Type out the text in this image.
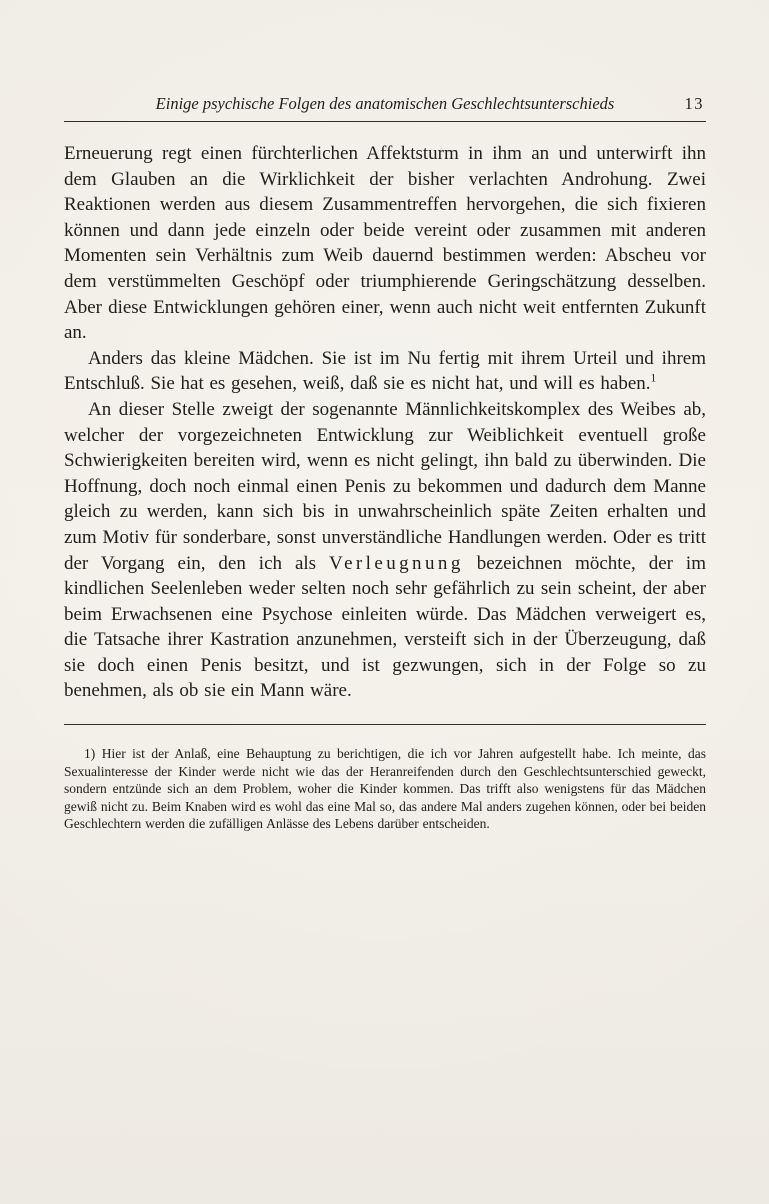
Einige psychische Folgen des anatomischen Geschlechtsunterschieds	13

Erneuerung regt einen fürchterlichen Affektsturm in ihm an und unterwirft ihn dem Glauben an die Wirklichkeit der bisher verlachten Androhung. Zwei Reaktionen werden aus diesem Zusammentreffen hervorgehen, die sich fixieren können und dann jede einzeln oder beide vereint oder zusammen mit anderen Momenten sein Verhältnis zum Weib dauernd bestimmen werden: Abscheu vor dem verstümmelten Geschöpf oder triumphierende Geringschätzung desselben. Aber diese Entwicklungen gehören einer, wenn auch nicht weit entfernten Zukunft an.

Anders das kleine Mädchen. Sie ist im Nu fertig mit ihrem Urteil und ihrem Entschluß. Sie hat es gesehen, weiß, daß sie es nicht hat, und will es haben.$^1$

An dieser Stelle zweigt der sogenannte Männlichkeitskomplex des Weibes ab, welcher der vorgezeichneten Entwicklung zur Weiblichkeit eventuell große Schwierigkeiten bereiten wird, wenn es nicht gelingt, ihn bald zu überwinden. Die Hoffnung, doch noch einmal einen Penis zu bekommen und dadurch dem Manne gleich zu werden, kann sich bis in unwahrscheinlich späte Zeiten erhalten und zum Motiv für sonderbare, sonst unverständliche Handlungen werden. Oder es tritt der Vorgang ein, den ich als Verleugnung bezeichnen möchte, der im kindlichen Seelenleben weder selten noch sehr gefährlich zu sein scheint, der aber beim Erwachsenen eine Psychose einleiten würde. Das Mädchen verweigert es, die Tatsache ihrer Kastration anzunehmen, versteift sich in der Überzeugung, daß sie doch einen Penis besitzt, und ist gezwungen, sich in der Folge so zu benehmen, als ob sie ein Mann wäre.

1) Hier ist der Anlaß, eine Behauptung zu berichtigen, die ich vor Jahren aufgestellt habe. Ich meinte, das Sexualinteresse der Kinder werde nicht wie das der Heranreifenden durch den Geschlechtsunterschied geweckt, sondern entzünde sich an dem Problem, woher die Kinder kommen. Das trifft also wenigstens für das Mädchen gewiß nicht zu. Beim Knaben wird es wohl das eine Mal so, das andere Mal anders zugehen können, oder bei beiden Geschlechtern werden die zufälligen Anlässe des Lebens darüber entscheiden.
